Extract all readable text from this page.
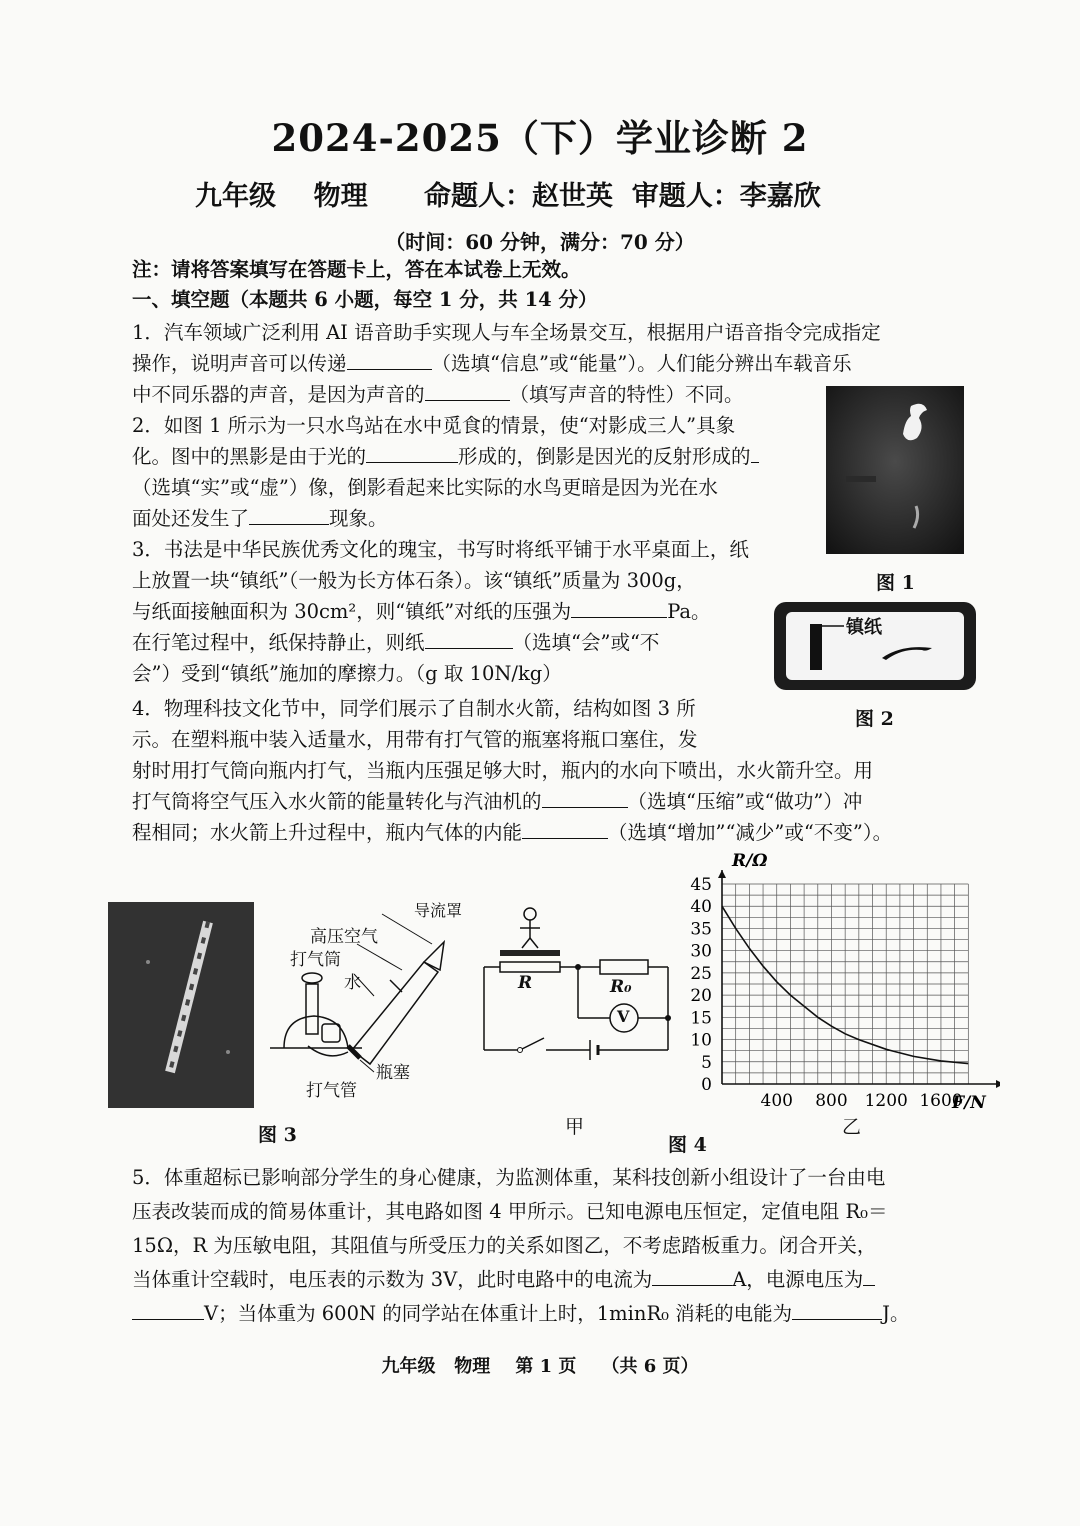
2024-2025（下）学业诊断 2
九年级    物理      命题人：赵世英  审题人：李嘉欣
（时间：60 分钟，满分：70 分）
注：请将答案填写在答题卡上，答在本试卷上无效。
一、填空题（本题共 6 小题，每空 1 分，共 14 分）
1．汽车领域广泛利用 AI 语音助手实现人与车全场景交互，根据用户语音指令完成指定
操作，说明声音可以传递	（选填“信息”或“能量”）。人们能分辨出车载音乐
中不同乐器的声音，是因为声音的	（填写声音的特性）不同。
2．如图 1 所示为一只水鸟站在水中觅食的情景，使“对影成三人”具象
化。图中的黑影是由于光的	形成的，倒影是因光的反射形成的
（选填“实”或“虚”）像，倒影看起来比实际的水鸟更暗是因为光在水
面处还发生了	现象。
3．书法是中华民族优秀文化的瑰宝，书写时将纸平铺于水平桌面上，纸
上放置一块“镇纸”（一般为长方体石条）。该“镇纸”质量为 300g，
与纸面接触面积为 30cm²，则“镇纸”对纸的压强为	Pa。
在行笔过程中，纸保持静止，则纸	（选填“会”或“不
会”）受到“镇纸”施加的摩擦力。（g 取 10N/kg）
4．物理科技文化节中，同学们展示了自制水火箭，结构如图 3 所
示。在塑料瓶中装入适量水，用带有打气管的瓶塞将瓶口塞住，发
射时用打气筒向瓶内打气，当瓶内压强足够大时，瓶内的水向下喷出，水火箭升空。用
打气筒将空气压入水火箭的能量转化与汽油机的	（选填“压缩”或“做功”）冲
程相同；水火箭上升过程中，瓶内气体的内能	（选填“增加”“减少”或“不变”）。
图 1
镇纸
图 2
图 3
导流罩
高压空气
打气筒
水
瓶塞
打气管
R	R₀
V
甲
0
5
10
15
20
25
30
35
40
45
400 800 1200 1600
R/Ω
F/N
图 4
乙
5．体重超标已影响部分学生的身心健康，为监测体重，某科技创新小组设计了一台由电
压表改装而成的简易体重计，其电路如图 4 甲所示。已知电源电压恒定，定值电阻 R₀＝
15Ω，R 为压敏电阻，其阻值与所受压力的关系如图乙，不考虑踏板重力。闭合开关，
当体重计空载时，电压表的示数为 3V，此时电路中的电流为	A，电源电压为
V；当体重为 600N 的同学站在体重计上时，1minR₀ 消耗的电能为	J。
九年级   物理    第 1 页    （共 6 页）
